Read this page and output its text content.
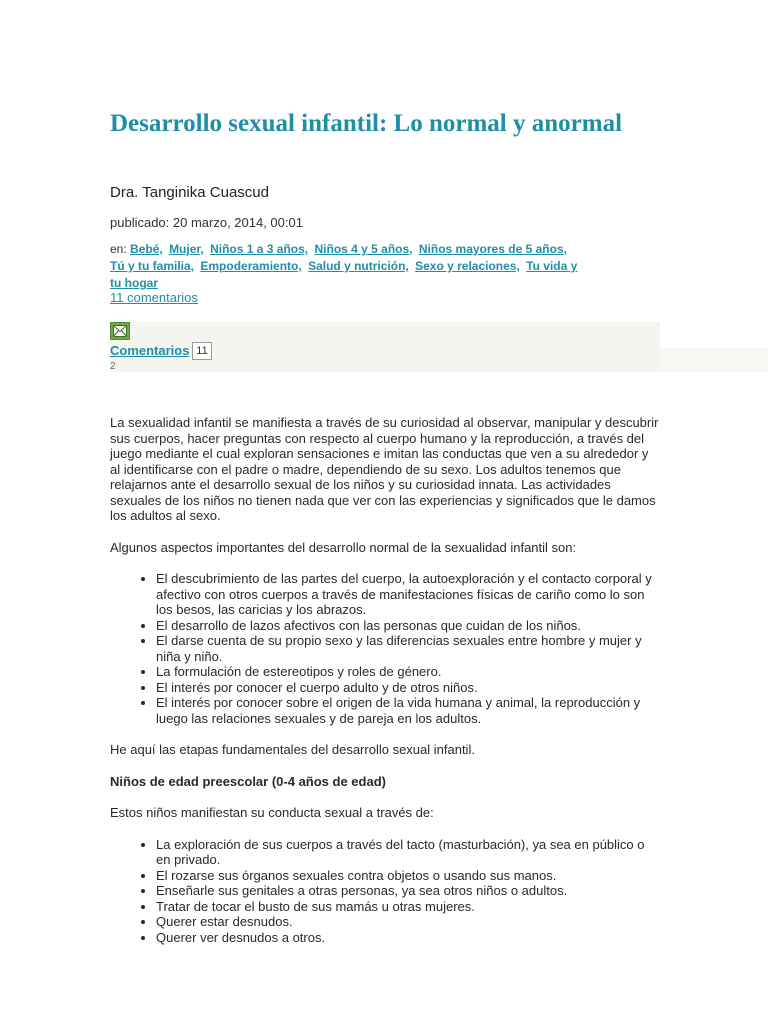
Desarrollo sexual infantil: Lo normal y anormal
Dra. Tanginika Cuascud
publicado: 20 marzo, 2014, 00:01
en: Bebé, Mujer, Niños 1 a 3 años, Niños 4 y 5 años, Niños mayores de 5 años, Tú y tu familia, Empoderamiento, Salud y nutrición, Sexo y relaciones, Tu vida y tu hogar
11 comentarios
Comentarios 11
2

La sexualidad infantil se manifiesta a través de su curiosidad al observar, manipular y descubrir sus cuerpos, hacer preguntas con respecto al cuerpo humano y la reproducción, a través del juego mediante el cual exploran sensaciones e imitan las conductas que ven a su alrededor y al identificarse con el padre o madre, dependiendo de su sexo. Los adultos tenemos que relajarnos ante el desarrollo sexual de los niños y su curiosidad innata. Las actividades sexuales de los niños no tienen nada que ver con las experiencias y significados que le damos los adultos al sexo.

Algunos aspectos importantes del desarrollo normal de la sexualidad infantil son:

• El descubrimiento de las partes del cuerpo, la autoexploración y el contacto corporal y afectivo con otros cuerpos a través de manifestaciones físicas de cariño como lo son los besos, las caricias y los abrazos.
• El desarrollo de lazos afectivos con las personas que cuidan de los niños.
• El darse cuenta de su propio sexo y las diferencias sexuales entre hombre y mujer y niña y niño.
• La formulación de estereotipos y roles de género.
• El interés por conocer el cuerpo adulto y de otros niños.
• El interés por conocer sobre el origen de la vida humana y animal, la reproducción y luego las relaciones sexuales y de pareja en los adultos.

He aquí las etapas fundamentales del desarrollo sexual infantil.

Niños de edad preescolar (0-4 años de edad)

Estos niños manifiestan su conducta sexual a través de:

• La exploración de sus cuerpos a través del tacto (masturbación), ya sea en público o en privado.
• El rozarse sus órganos sexuales contra objetos o usando sus manos.
• Enseñarle sus genitales a otras personas, ya sea otros niños o adultos.
• Tratar de tocar el busto de sus mamás u otras mujeres.
• Querer estar desnudos.
• Querer ver desnudos a otros.
